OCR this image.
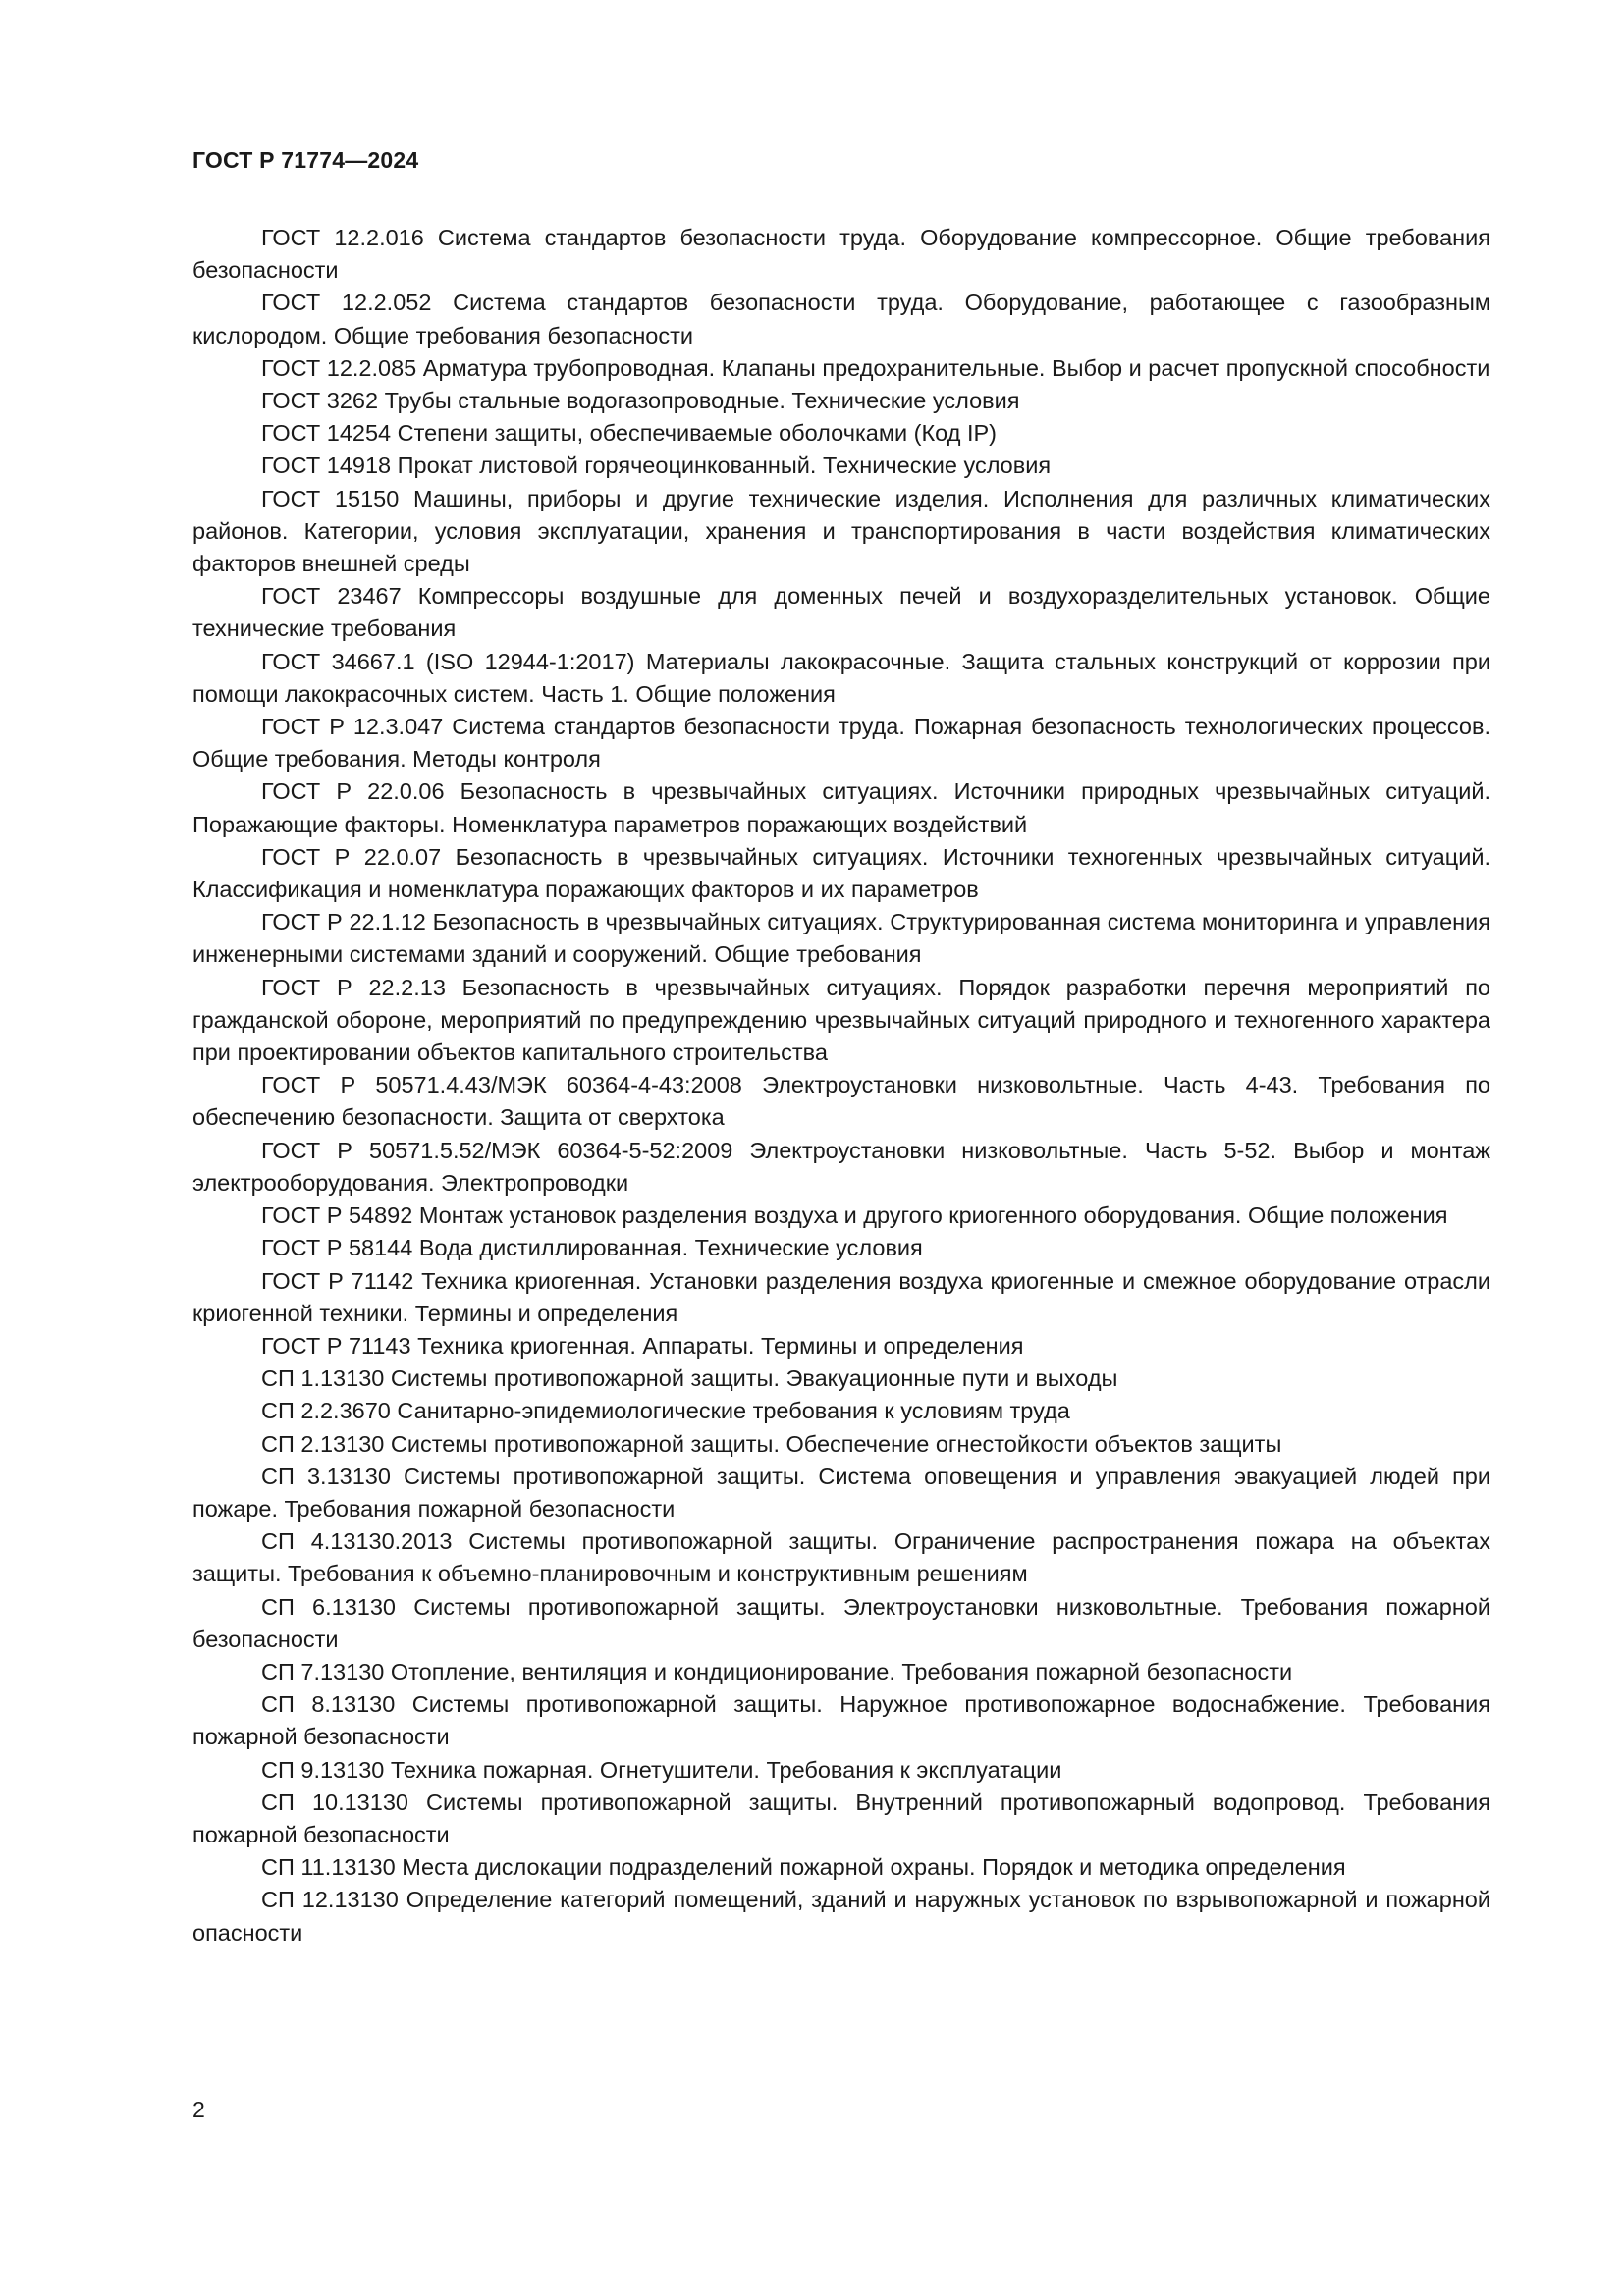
ГОСТ Р 71774—2024

ГОСТ 12.2.016 Система стандартов безопасности труда. Оборудование компрессорное. Общие требования безопасности

ГОСТ 12.2.052 Система стандартов безопасности труда. Оборудование, работающее с газообразным кислородом. Общие требования безопасности

ГОСТ 12.2.085 Арматура трубопроводная. Клапаны предохранительные. Выбор и расчет пропускной способности

ГОСТ 3262 Трубы стальные водогазопроводные. Технические условия

ГОСТ 14254 Степени защиты, обеспечиваемые оболочками (Код IP)

ГОСТ 14918 Прокат листовой горячеоцинкованный. Технические условия

ГОСТ 15150 Машины, приборы и другие технические изделия. Исполнения для различных климатических районов. Категории, условия эксплуатации, хранения и транспортирования в части воздействия климатических факторов внешней среды

ГОСТ 23467 Компрессоры воздушные для доменных печей и воздухоразделительных установок. Общие технические требования

ГОСТ 34667.1 (ISO 12944-1:2017) Материалы лакокрасочные. Защита стальных конструкций от коррозии при помощи лакокрасочных систем. Часть 1. Общие положения

ГОСТ Р 12.3.047 Система стандартов безопасности труда. Пожарная безопасность технологических процессов. Общие требования. Методы контроля

ГОСТ Р 22.0.06 Безопасность в чрезвычайных ситуациях. Источники природных чрезвычайных ситуаций. Поражающие факторы. Номенклатура параметров поражающих воздействий

ГОСТ Р 22.0.07 Безопасность в чрезвычайных ситуациях. Источники техногенных чрезвычайных ситуаций. Классификация и номенклатура поражающих факторов и их параметров

ГОСТ Р 22.1.12 Безопасность в чрезвычайных ситуациях. Структурированная система мониторинга и управления инженерными системами зданий и сооружений. Общие требования

ГОСТ Р 22.2.13 Безопасность в чрезвычайных ситуациях. Порядок разработки перечня мероприятий по гражданской обороне, мероприятий по предупреждению чрезвычайных ситуаций природного и техногенного характера при проектировании объектов капитального строительства

ГОСТ Р 50571.4.43/МЭК 60364-4-43:2008 Электроустановки низковольтные. Часть 4-43. Требования по обеспечению безопасности. Защита от сверхтока

ГОСТ Р 50571.5.52/МЭК 60364-5-52:2009 Электроустановки низковольтные. Часть 5-52. Выбор и монтаж электрооборудования. Электропроводки

ГОСТ Р 54892 Монтаж установок разделения воздуха и другого криогенного оборудования. Общие положения

ГОСТ Р 58144 Вода дистиллированная. Технические условия

ГОСТ Р 71142 Техника криогенная. Установки разделения воздуха криогенные и смежное оборудование отрасли криогенной техники. Термины и определения

ГОСТ Р 71143 Техника криогенная. Аппараты. Термины и определения

СП 1.13130 Системы противопожарной защиты. Эвакуационные пути и выходы

СП 2.2.3670 Санитарно-эпидемиологические требования к условиям труда

СП 2.13130 Системы противопожарной защиты. Обеспечение огнестойкости объектов защиты

СП 3.13130 Системы противопожарной защиты. Система оповещения и управления эвакуацией людей при пожаре. Требования пожарной безопасности

СП 4.13130.2013 Системы противопожарной защиты. Ограничение распространения пожара на объектах защиты. Требования к объемно-планировочным и конструктивным решениям

СП 6.13130 Системы противопожарной защиты. Электроустановки низковольтные. Требования пожарной безопасности

СП 7.13130 Отопление, вентиляция и кондиционирование. Требования пожарной безопасности

СП 8.13130 Системы противопожарной защиты. Наружное противопожарное водоснабжение. Требования пожарной безопасности

СП 9.13130 Техника пожарная. Огнетушители. Требования к эксплуатации

СП 10.13130 Системы противопожарной защиты. Внутренний противопожарный водопровод. Требования пожарной безопасности

СП 11.13130 Места дислокации подразделений пожарной охраны. Порядок и методика определения

СП 12.13130 Определение категорий помещений, зданий и наружных установок по взрывопожарной и пожарной опасности

2
